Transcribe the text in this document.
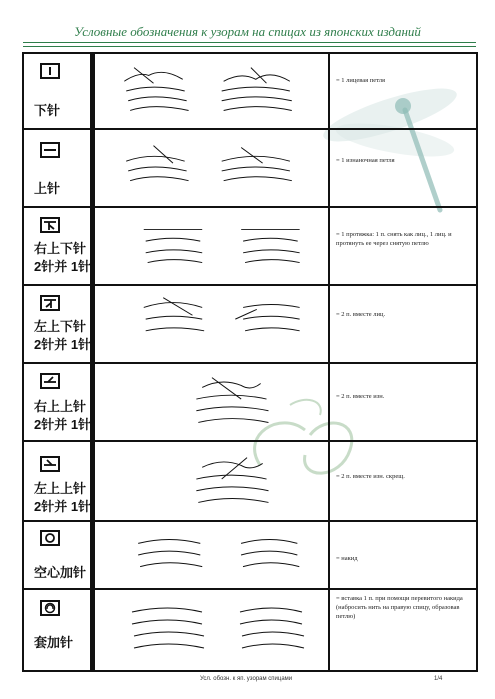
Условные обозначения к узорам на спицах из японских изданий
下针
= 1 лицевая петля
上针
= 1 изнаночная петля
右上下针
2针并 1针
= 1 протяжка: 1 п. снять как лиц., 1 лиц. и протянуть ее через снятую петлю
左上下针
2针并 1针
= 2 п. вместе лиц.
右上上针
2针并 1针
= 2 п. вместе изн.
左上上针
2针并 1针
= 2 п. вместе изн. скрещ.
空心加针
= накид
套加针
= вставка 1 п. при помощи перевитого накида (набросить нить на правую спицу, образовав петлю)
Усл. обозн. к яп. узорам спицами	1/4
